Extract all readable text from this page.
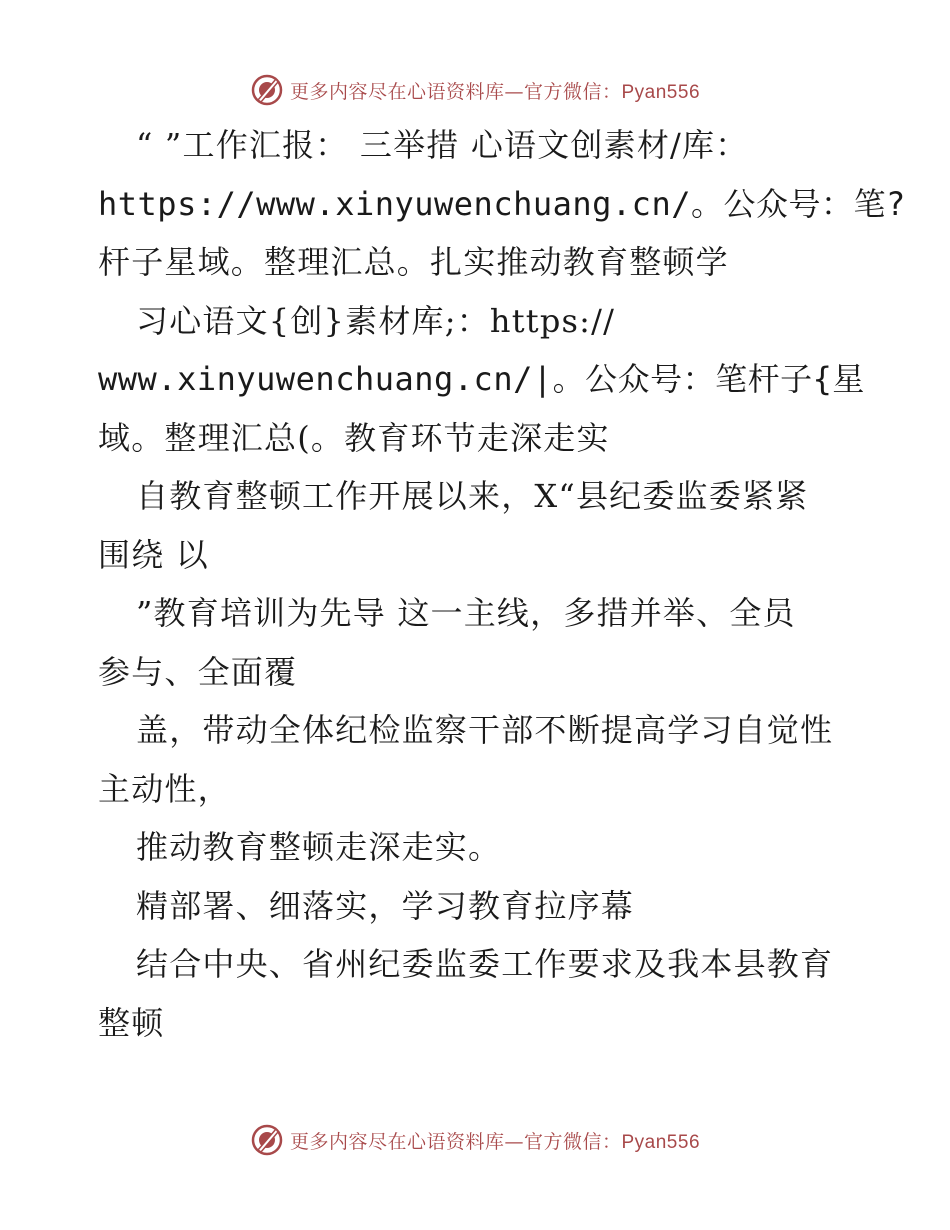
更多内容尽在心语资料库—官方微信：Pyan556
“ ”工作汇报： 三举措 心语文创素材/库：
https://www.xinyuwenchuang.cn/。公众号：笔?
杆子星域。整理汇总。扎实推动教育整顿学
习心语文{创}素材库;：https://
www.xinyuwenchuang.cn/|。公众号：笔杆子{星
域。整理汇总(。教育环节走深走实
自教育整顿工作开展以来，X“县纪委监委紧紧
围绕 以
”教育培训为先导 这一主线，多措并举、全员
参与、全面覆
盖，带动全体纪检监察干部不断提高学习自觉性
主动性，
推动教育整顿走深走实。
精部署、细落实，学习教育拉序幕
结合中央、省州纪委监委工作要求及我本县教育
整顿
更多内容尽在心语资料库—官方微信：Pyan556
